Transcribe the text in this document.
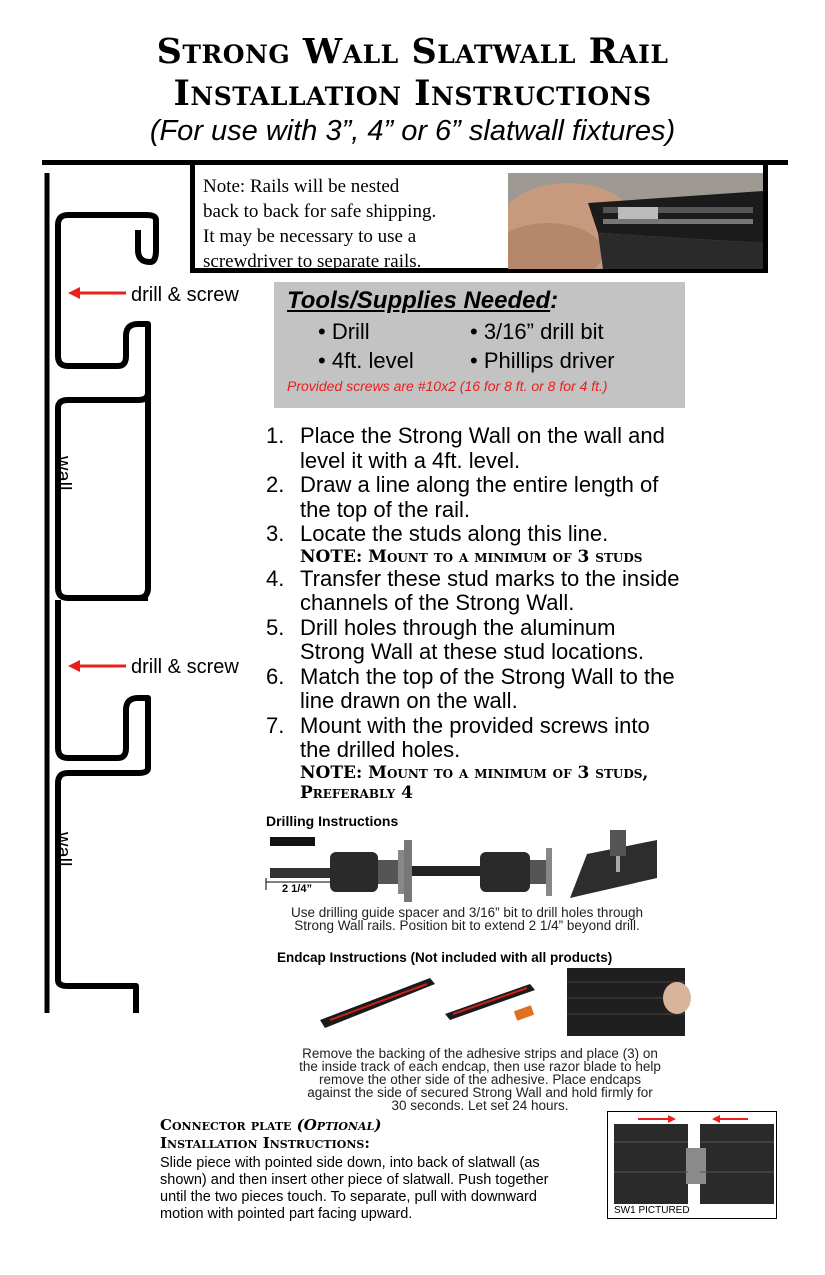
Strong Wall Slatwall Rail
Installation Instructions
(For use with 3”, 4” or 6” slatwall fixtures)
Note: Rails will be nested
back to back for safe shipping.
It may be necessary to use a
screwdriver to separate rails.
drill & screw
drill & screw
wall
wall
Tools/Supplies Needed:
• Drill	• 3/16” drill bit
• 4ft. level	• Phillips driver
Provided screws are #10x2 (16 for 8 ft. or 8 for 4 ft.)
1. Place the Strong Wall on the wall and level it with a 4ft. level.
2. Draw a line along the entire length of the top of the rail.
3. Locate the studs along this line.
NOTE: Mount to a minimum of 3 studs
4. Transfer these stud marks to the inside channels of the Strong Wall.
5. Drill holes through the aluminum Strong Wall at these stud locations.
6. Match the top of the Strong Wall to the line drawn on the wall.
7. Mount with the provided screws into the drilled holes.
NOTE: Mount to a minimum of 3 studs,
Preferably 4
Drilling Instructions
2 1/4”
Use drilling guide spacer and 3/16” bit to drill holes through
Strong Wall rails. Position bit to extend 2 1/4” beyond drill.
Endcap Instructions (Not included with all products)
Remove the backing of the adhesive strips and place (3) on
the inside track of each endcap, then use razor blade to help
remove the other side of the adhesive. Place endcaps
against the side of secured Strong Wall and hold firmly for
30 seconds. Let set 24 hours.
Connector plate (Optional)
Installation Instructions:
Slide piece with pointed side down, into back of slatwall (as
shown) and then insert other piece of slatwall. Push together
until the two pieces touch. To separate, pull with downward
motion with pointed part facing upward.	SW1 PICTURED
